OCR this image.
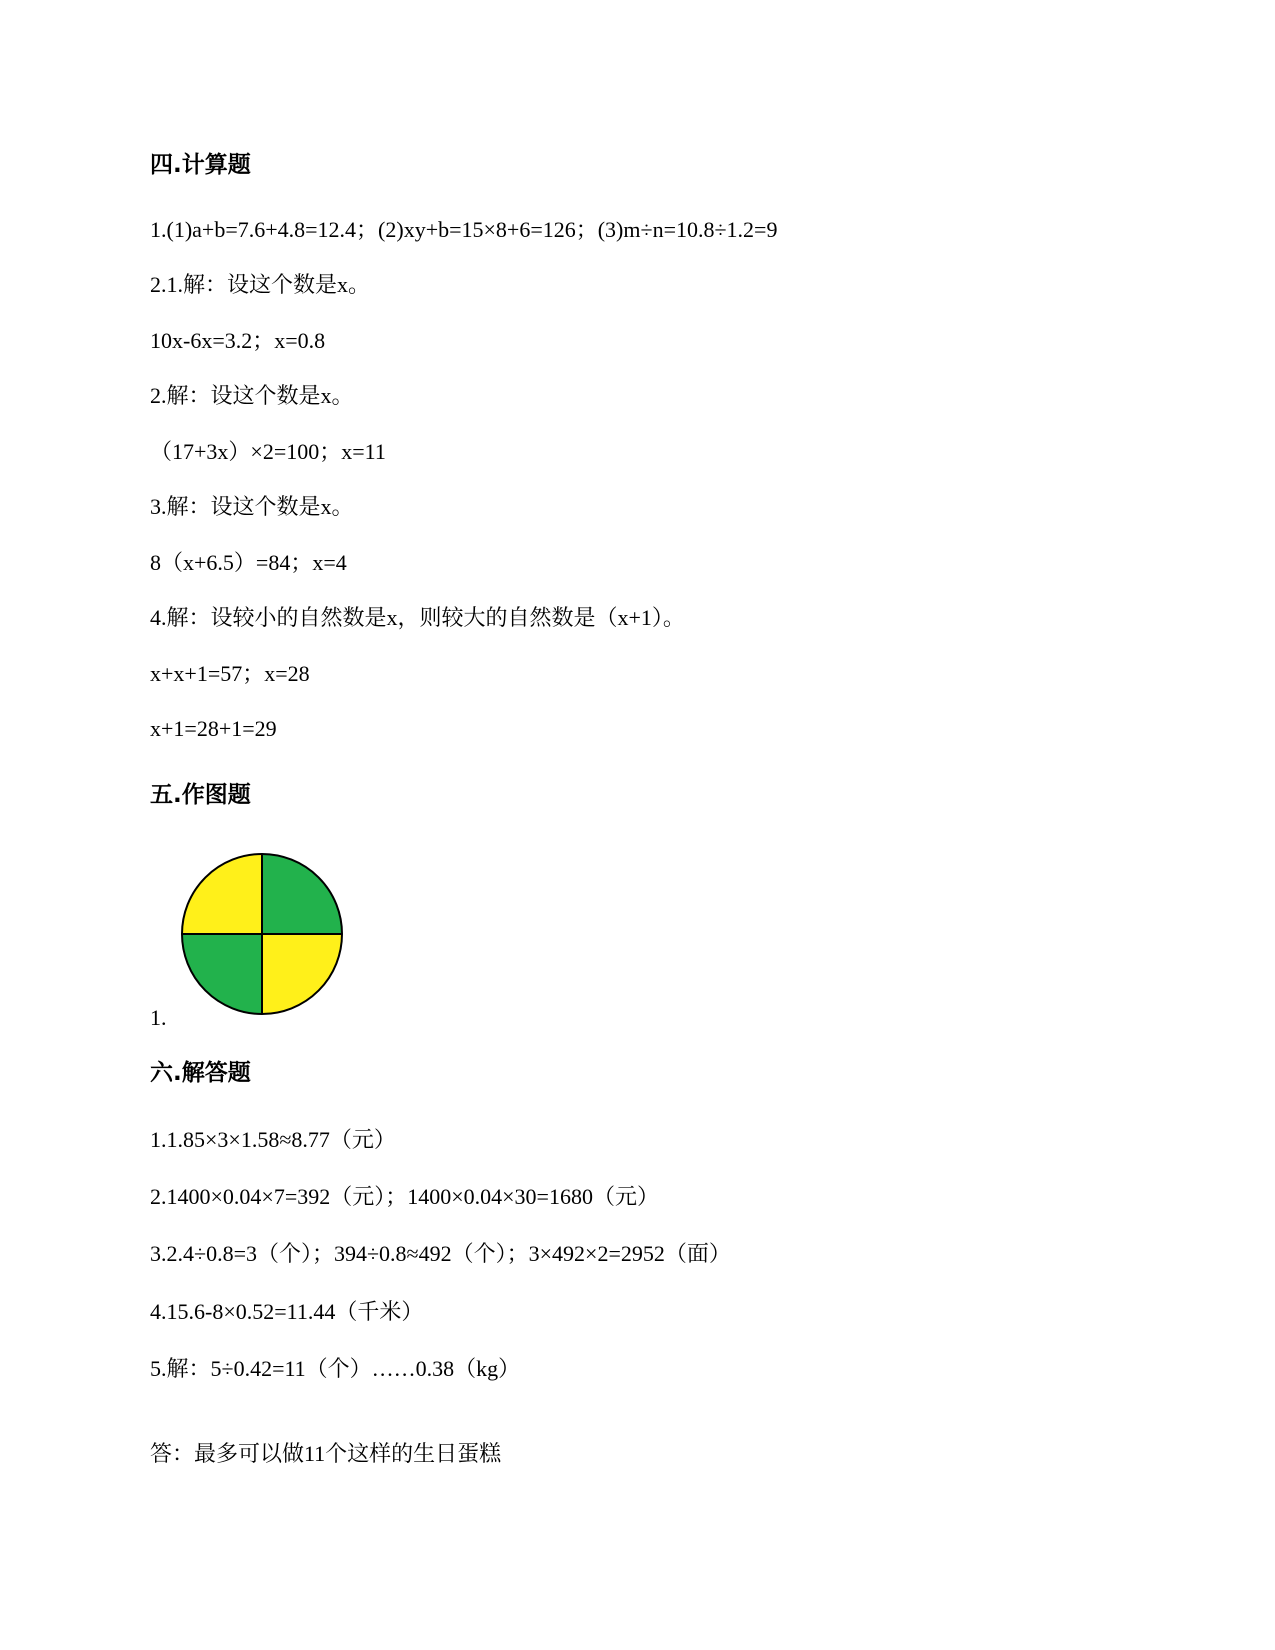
四.计算题
1.(1)a+b=7.6+4.8=12.4；(2)xy+b=15×8+6=126；(3)m÷n=10.8÷1.2=9
2.1.解：设这个数是x。
10x-6x=3.2；x=0.8
2.解：设这个数是x。
（17+3x）×2=100；x=11
3.解：设这个数是x。
8（x+6.5）=84；x=4
4.解：设较小的自然数是x，则较大的自然数是（x+1）。
x+x+1=57；x=28
x+1=28+1=29
五.作图题
1.
六.解答题
1.1.85×3×1.58≈8.77（元）
2.1400×0.04×7=392（元）；1400×0.04×30=1680（元）
3.2.4÷0.8=3（个）；394÷0.8≈492（个）；3×492×2=2952（面）
4.15.6-8×0.52=11.44（千米）
5.解：5÷0.42=11（个）……0.38（kg）
答：最多可以做11个这样的生日蛋糕
